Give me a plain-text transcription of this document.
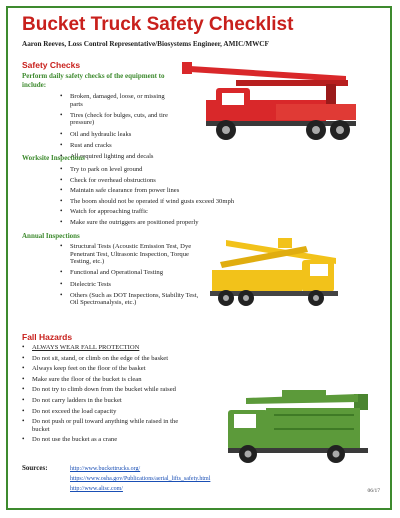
Bucket Truck Safety Checklist
Aaron Reeves, Loss Control Representative/Biosystems Engineer, AMIC/MWCF
Safety Checks
Perform daily safety checks of the equipment to include:
• Broken, damaged, loose, or missing parts
• Tires (check for bulges, cuts, and tire pressure)
• Oil and hydraulic leaks
• Rust and cracks
• All required lighting and decals
Worksite Inspections
• Try to park on level ground
• Check for overhead obstructions
• Maintain safe clearance from power lines
• The boom should not be operated if wind gusts exceed 30mph
• Watch for approaching traffic
• Make sure the outriggers are positioned properly
Annual Inspections
• Structural Tests (Acoustic Emission Test, Dye Penetrant Test, Ultrasonic Inspection, Torque Testing, etc.)
• Functional and Operational Testing
• Dielectric Tests
• Others (Such as DOT Inspections, Stability Test, Oil Spectroanalysis, etc.)
Fall Hazards
• ALWAYS WEAR FALL PROTECTION
• Do not sit, stand, or climb on the edge of the basket
• Always keep feet on the floor of the basket
• Make sure the floor of the bucket is clean
• Do not try to climb down from the bucket while raised
• Do not carry ladders in the bucket
• Do not exceed the load capacity
• Do not push or pull toward anything while raised in the bucket
• Do not use the bucket as a crane
Sources:	http://www.buckettrucks.org/
https://www.osha.gov/Publications/aerial_lifts_safety.html
http://www.alisc.com/	06/17
